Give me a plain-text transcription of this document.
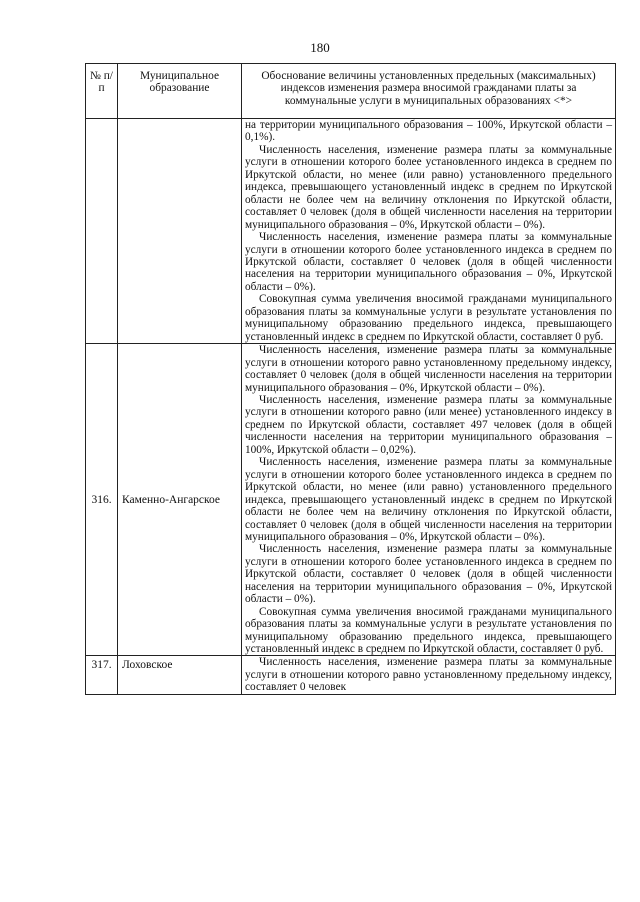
180
№ п/п	Муниципальное образование	Обоснование величины установленных предельных (максимальных) индексов изменения размера вносимой гражданами платы за коммунальные услуги в муниципальных образованиях <*>

		на территории муниципального образования – 100%, Иркутской области – 0,1%).

Численность населения, изменение размера платы за коммунальные услуги в отношении которого более установленного индекса в среднем по Иркутской области, но менее (или равно) установленного предельного индекса, превышающего установленный индекс в среднем по Иркутской области не более чем на величину отклонения по Иркутской области, составляет 0 человек (доля в общей численности населения на территории муниципального образования – 0%, Иркутской области – 0%).

Численность населения, изменение размера платы за коммунальные услуги в отношении которого более установленного индекса в среднем по Иркутской области, составляет 0 человек (доля в общей численности населения на территории муниципального образования – 0%, Иркутской области – 0%).

Совокупная сумма увеличения вносимой гражданами муниципального образования платы за коммунальные услуги в результате установления по муниципальному образованию предельного индекса, превышающего установленный индекс в среднем по Иркутской области, составляет 0 руб.

316.	Каменно-Ангарское	Численность населения, изменение размера платы за коммунальные услуги в отношении которого равно установленному предельному индексу, составляет 0 человек (доля в общей численности населения на территории муниципального образования – 0%, Иркутской области – 0%).

Численность населения, изменение размера платы за коммунальные услуги в отношении которого равно (или менее) установленного индексу в среднем по Иркутской области, составляет 497 человек (доля в общей численности населения на территории муниципального образования – 100%, Иркутской области – 0,02%).

Численность населения, изменение размера платы за коммунальные услуги в отношении которого более установленного индекса в среднем по Иркутской области, но менее (или равно) установленного предельного индекса, превышающего установленный индекс в среднем по Иркутской области не более чем на величину отклонения по Иркутской области, составляет 0 человек (доля в общей численности населения на территории муниципального образования – 0%, Иркутской области – 0%).

Численность населения, изменение размера платы за коммунальные услуги в отношении которого более установленного индекса в среднем по Иркутской области, составляет 0 человек (доля в общей численности населения на территории муниципального образования – 0%, Иркутской области – 0%).

Совокупная сумма увеличения вносимой гражданами муниципального образования платы за коммунальные услуги в результате установления по муниципальному образованию предельного индекса, превышающего установленный индекс в среднем по Иркутской области, составляет 0 руб.

317.	Лоховское	Численность населения, изменение размера платы за коммунальные услуги в отношении которого равно установленному предельному индексу, составляет 0 человек
